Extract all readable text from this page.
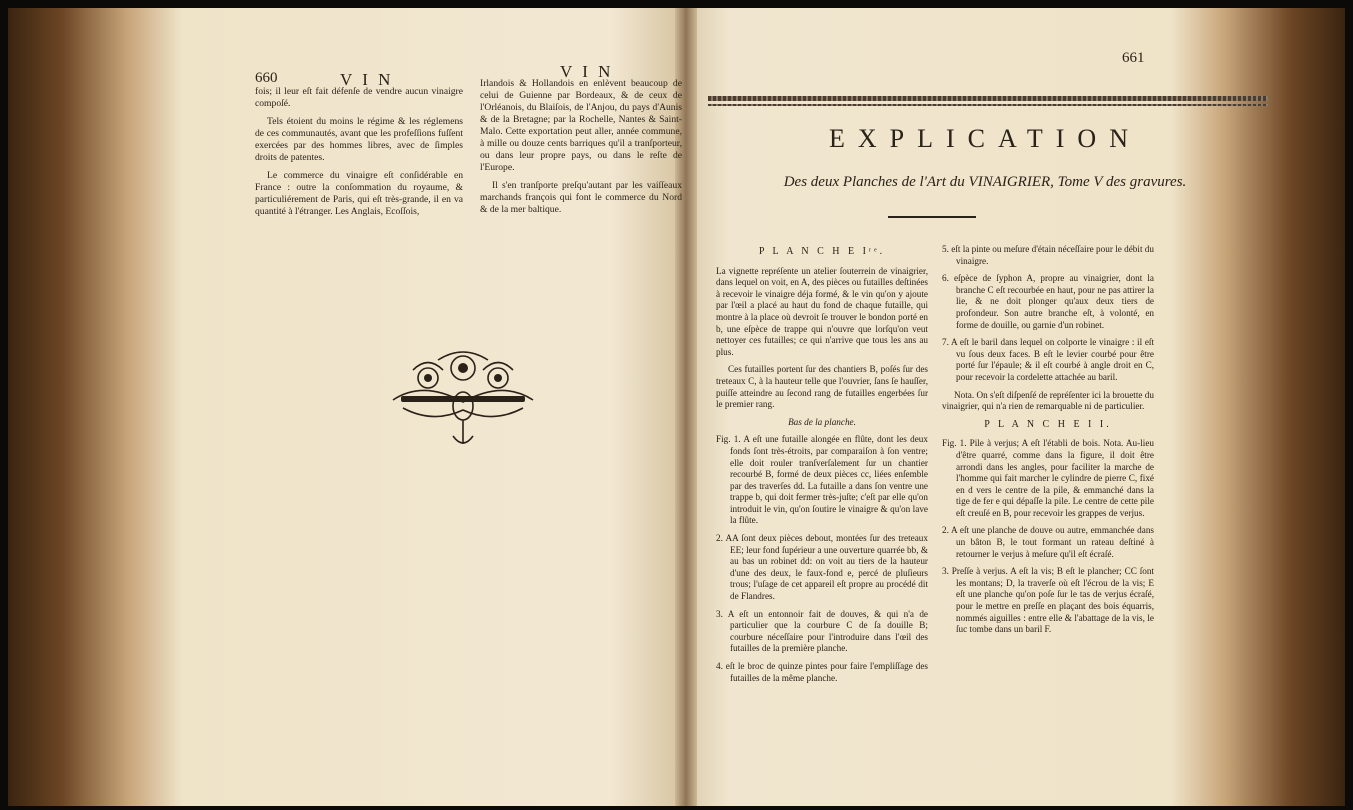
660	V I N	V I N

fois; il leur eſt fait défenſe de vendre aucun vinaigre compoſé.

Tels étoient du moins le régime & les réglemens de ces communautés, avant que les profeſſions fuſſent exercées par des hommes libres, avec de ſimples droits de patentes.

Le commerce du vinaigre eſt conſidérable en France : outre la conſommation du royaume, & particuliérement de Paris, qui eſt très-grande, il en va quantité à l'étranger. Les Anglais, Ecoſſois,

Irlandois & Hollandois en enlèvent beaucoup de celui de Guienne par Bordeaux, & de ceux de l'Orléanois, du Blaiſois, de l'Anjou, du pays d'Aunis & de la Bretagne; par la Rochelle, Nantes & Saint-Malo. Cette exportation peut aller, année commune, à mille ou douze cents barriques qu'il a tranſporteur, ou dans leur propre pays, ou dans le reſte de l'Europe.

Il s'en tranſporte preſqu'autant par les vaiſſeaux marchands françois qui font le commerce du Nord & de la mer baltique.

661
EXPLICATION
Des deux Planches de l'Art du VINAIGRIER, Tome V des gravures.
P L A N C H E Iʳᵉ.

La vignette repréſente un atelier ſouterrein de vinaigrier, dans lequel on voit, en A, des pièces ou futailles deſtinées à recevoir le vinaigre déja formé, & le vin qu'on y ajoute par l'œil a placé au haut du fond de chaque futaille, qui montre à la place où devroit ſe trouver le bondon porté en b, une eſpèce de trappe qui n'ouvre que lorſqu'on veut nettoyer ces futailles; ce qui n'arrive que tous les ans au plus.

Ces futailles portent ſur des chantiers B, poſés ſur des treteaux C, à la hauteur telle que l'ouvrier, ſans ſe hauſſer, puiſſe atteindre au ſecond rang de futailles engerbées ſur le premier rang.

Bas de la planche.

Fig. 1. A eſt une futaille alongée en flûte, dont les deux fonds ſont très-étroits, par comparaiſon à ſon ventre; elle doit rouler tranſverſalement ſur un chantier recourbé B, formé de deux pièces cc, liées enſemble par des traverſes dd. La futaille a dans ſon ventre une trappe b, qui doit fermer très-juſte; c'eſt par elle qu'on introduit le vin, qu'on ſoutire le vinaigre & qu'on lave la flûte.

2. AA ſont deux pièces debout, montées ſur des treteaux EE; leur fond ſupérieur a une ouverture quarrée bb, & au bas un robinet dd: on voit au tiers de la hauteur d'une des deux, le faux-fond e, percé de pluſieurs trous; l'uſage de cet appareil eſt propre au procédé dit de Flandres.

3. A eſt un entonnoir fait de douves, & qui n'a de particulier que la courbure C de ſa douille B; courbure néceſſaire pour l'introduire dans l'œil des futailles de la première planche.

4. eſt le broc de quinze pintes pour faire l'empliſſage des futailles de la même planche.

5. eſt la pinte ou meſure d'étain néceſſaire pour le débit du vinaigre.

6. eſpèce de ſyphon A, propre au vinaigrier, dont la branche C eſt recourbée en haut, pour ne pas attirer la lie, & ne doit plonger qu'aux deux tiers de profondeur. Son autre branche eſt, à volonté, en forme de douille, ou garnie d'un robinet.

7. A eſt le baril dans lequel on colporte le vinaigre : il eſt vu ſous deux faces. B eſt le levier courbé pour être porté ſur l'épaule; & il eſt courbé à angle droit en C, pour recevoir la cordelette attachée au baril.

Nota. On s'eſt diſpenſé de repréſenter ici la brouette du vinaigrier, qui n'a rien de remarquable ni de particulier.

P L A N C H E I I.

Fig. 1. Pile à verjus; A eſt l'établi de bois. Nota. Au-lieu d'être quarré, comme dans la figure, il doit être arrondi dans les angles, pour faciliter la marche de l'homme qui fait marcher le cylindre de pierre C, fixé en d vers le centre de la pile, & emmanché dans la tige de fer e qui dépaſſe la pile. Le centre de cette pile eſt creuſé en B, pour recevoir les grappes de verjus.

2. A eſt une planche de douve ou autre, emmanchée dans un bâton B, le tout formant un rateau deſtiné à retourner le verjus à meſure qu'il eſt écraſé.

3. Preſſe à verjus. A eſt la vis; B eſt le plancher; CC ſont les montans; D, la traverſe où eſt l'écrou de la vis; E eſt une planche qu'on poſe ſur le tas de verjus écraſé, pour le mettre en preſſe en plaçant des bois équarris, nommés aiguilles : entre elle & l'abattage de la vis, le ſuc tombe dans un baril F.
